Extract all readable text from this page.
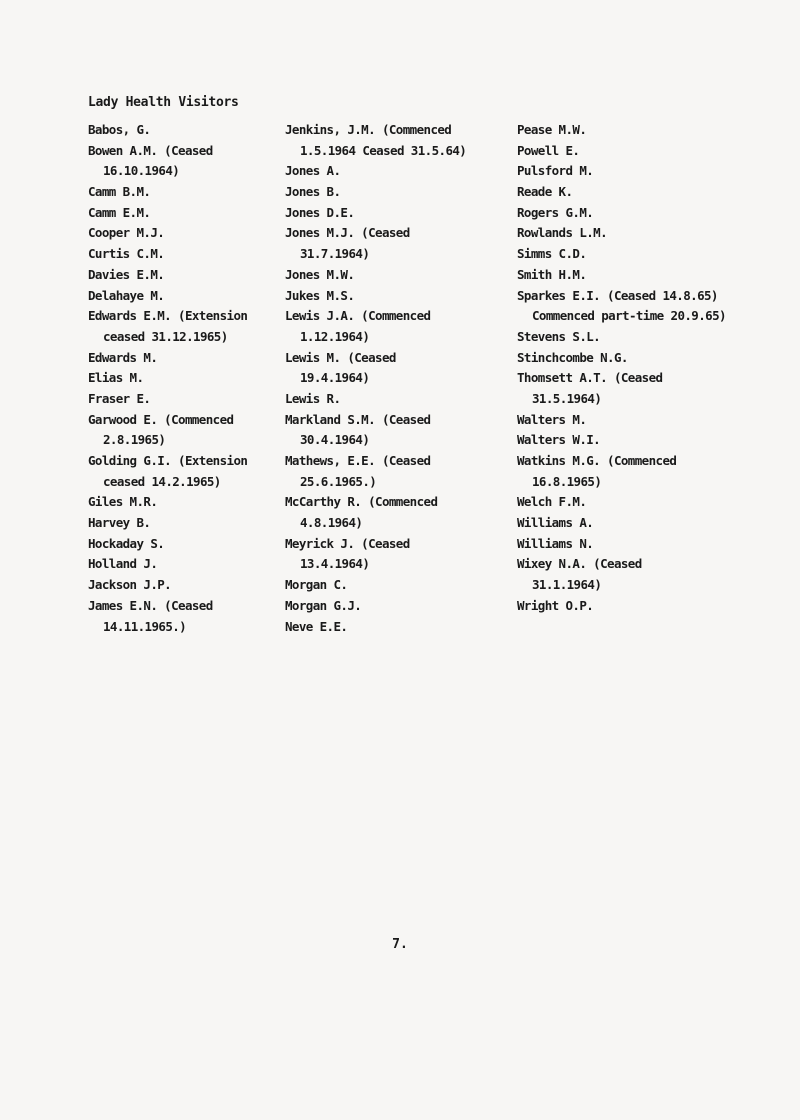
Lady Health Visitors
Babos, G.
Bowen A.M. (Ceased
16.10.1964)
Camm B.M.
Camm E.M.
Cooper M.J.
Curtis C.M.
Davies E.M.
Delahaye M.
Edwards E.M. (Extension
ceased 31.12.1965)
Edwards M.
Elias M.
Fraser E.
Garwood E. (Commenced
2.8.1965)
Golding G.I. (Extension
ceased 14.2.1965)
Giles M.R.
Harvey B.
Hockaday S.
Holland J.
Jackson J.P.
James E.N. (Ceased
14.11.1965.)
Jenkins, J.M. (Commenced
1.5.1964 Ceased 31.5.64)
Jones A.
Jones B.
Jones D.E.
Jones M.J. (Ceased
31.7.1964)
Jones M.W.
Jukes M.S.
Lewis J.A. (Commenced
1.12.1964)
Lewis M. (Ceased
19.4.1964)
Lewis R.
Markland S.M. (Ceased
30.4.1964)
Mathews, E.E. (Ceased
25.6.1965.)
McCarthy R. (Commenced
4.8.1964)
Meyrick J. (Ceased
13.4.1964)
Morgan C.
Morgan G.J.
Neve E.E.
Pease M.W.
Powell E.
Pulsford M.
Reade K.
Rogers G.M.
Rowlands L.M.
Simms C.D.
Smith H.M.
Sparkes E.I. (Ceased 14.8.65)
Commenced part-time 20.9.65)
Stevens S.L.
Stinchcombe N.G.
Thomsett A.T. (Ceased
31.5.1964)
Walters M.
Walters W.I.
Watkins M.G. (Commenced
16.8.1965)
Welch F.M.
Williams A.
Williams N.
Wixey N.A. (Ceased
31.1.1964)
Wright O.P.
7.
